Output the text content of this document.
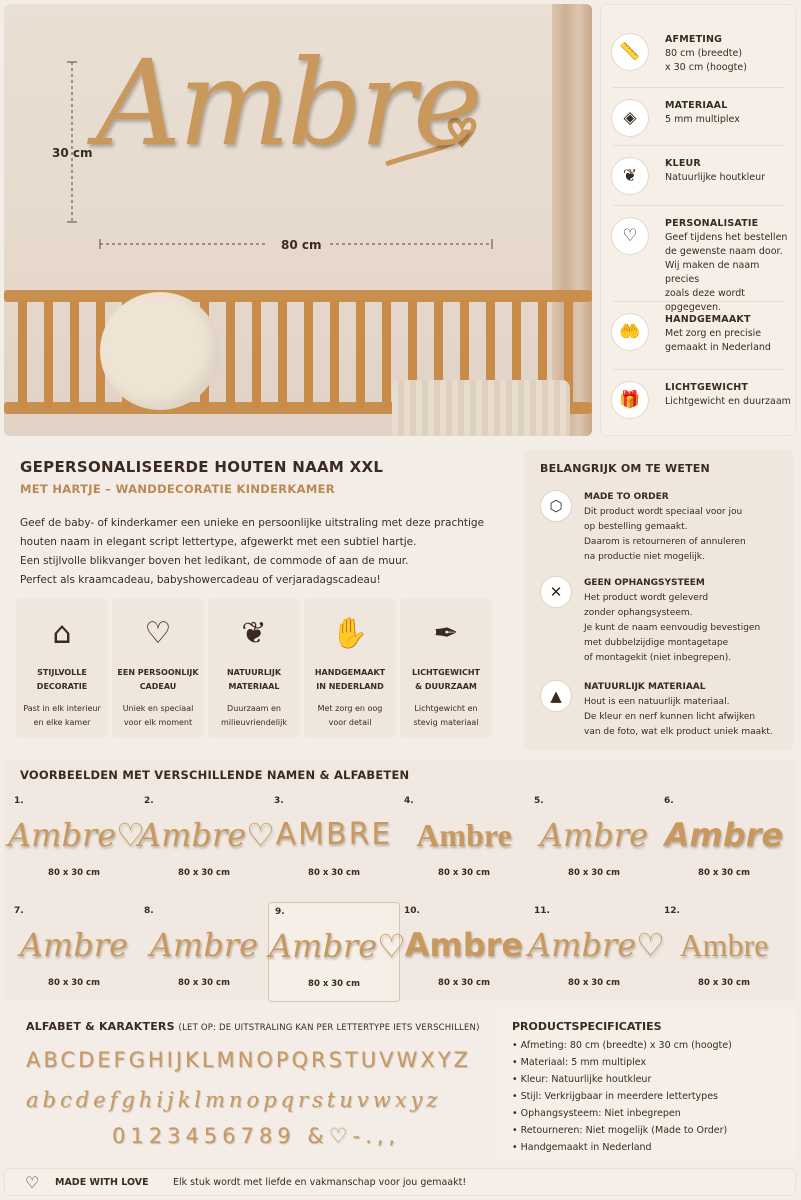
Ambre
30 cm
80 cm
📏
AFMETING
80 cm (breedte)
x 30 cm (hoogte)
◈
MATERIAAL
5 mm multiplex
❦
KLEUR
Natuurlijke houtkleur
♡
PERSONALISATIE
Geef tijdens het bestellen
de gewenste naam door.
Wij maken de naam precies
zoals deze wordt opgegeven.
🤲
HANDGEMAAKT
Met zorg en precisie
gemaakt in Nederland
🎁
LICHTGEWICHT
Lichtgewicht en duurzaam
GEPERSONALISEERDE HOUTEN NAAM XXL
MET HARTJE – WANDDECORATIE KINDERKAMER
Geef de baby- of kinderkamer een unieke en persoonlijke uitstraling met deze prachtige
houten naam in elegant script lettertype, afgewerkt met een subtiel hartje.
Een stijlvolle blikvanger boven het ledikant, de commode of aan de muur.
Perfect als kraamcadeau, babyshowercadeau of verjaradagscadeau!
⌂
STIJLVOLLE
DECORATIE
Past in elk interieur
en elke kamer
♡
EEN PERSOONLIJK
CADEAU
Uniek en speciaal
voor elk moment
❦
NATUURLIJK
MATERIAAL
Duurzaam en
milieuvriendelijk
✋
HANDGEMAAKT
IN NEDERLAND
Met zorg en oog
voor detail
✒
LICHTGEWICHT
& DUURZAAM
Lichtgewicht en
stevig materiaal
BELANGRIJK OM TE WETEN
⬡	MADE TO ORDER
Dit product wordt speciaal voor jou
op bestelling gemaakt.
Daarom is retourneren of annuleren
na productie niet mogelijk.
✕	GEEN OPHANGSYSTEEM
Het product wordt geleverd
zonder ophangsysteem.
Je kunt de naam eenvoudig bevestigen
met dubbelzijdige montagetape
of montagekit (niet inbegrepen).
▲	NATUURLIJK MATERIAAL
Hout is een natuurlijk materiaal.
De kleur en nerf kunnen licht afwijken
van de foto, wat elk product uniek maakt.
VOORBEELDEN MET VERSCHILLENDE NAMEN & ALFABETEN
1.
Ambre♡
80 x 30 cm
2.
Ambre♡
80 x 30 cm
3.
AMBRE
80 x 30 cm
4.
Ambre
80 x 30 cm
5.
Ambre
80 x 30 cm
6.
Ambre
80 x 30 cm
7.
Ambre
80 x 30 cm
8.
Ambre
80 x 30 cm
9.
Ambre♡
80 x 30 cm
10.
Ambre
80 x 30 cm
11.
Ambre♡
80 x 30 cm
12.
Ambre
80 x 30 cm
ALFABET & KARAKTERS (LET OP: DE UITSTRALING KAN PER LETTERTYPE IETS VERSCHILLEN)
ABCDEFGHIJKLMNOPQRSTUVWXYZ
abcdefghijklmnopqrstuvwxyz
0123456789 &♡-.,,
PRODUCTSPECIFICATIES
• Afmeting: 80 cm (breedte) x 30 cm (hoogte)
• Materiaal: 5 mm multiplex
• Kleur: Natuurlijke houtkleur
• Stijl: Verkrijgbaar in meerdere lettertypes
• Ophangsysteem: Niet inbegrepen
• Retourneren: Niet mogelijk (Made to Order)
• Handgemaakt in Nederland
♡ MADE WITH LOVE	Elk stuk wordt met liefde en vakmanschap voor jou gemaakt!
